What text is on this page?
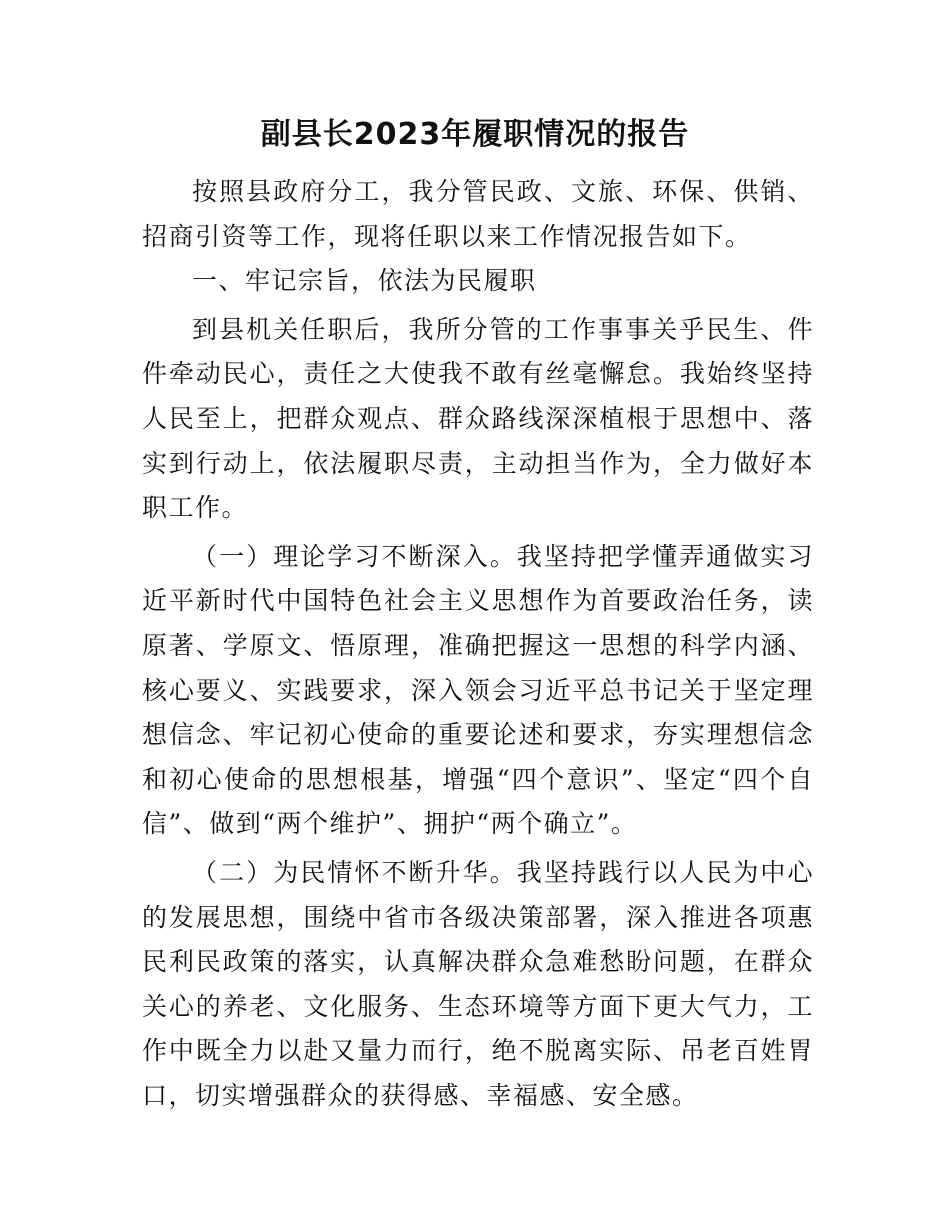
副县长2023年履职情况的报告

按照县政府分工，我分管民政、文旅、环保、供销、招商引资等工作，现将任职以来工作情况报告如下。

一、牢记宗旨，依法为民履职

到县机关任职后，我所分管的工作事事关乎民生、件件牵动民心，责任之大使我不敢有丝毫懈怠。我始终坚持人民至上，把群众观点、群众路线深深植根于思想中、落实到行动上，依法履职尽责，主动担当作为，全力做好本职工作。

（一）理论学习不断深入。我坚持把学懂弄通做实习近平新时代中国特色社会主义思想作为首要政治任务，读原著、学原文、悟原理，准确把握这一思想的科学内涵、核心要义、实践要求，深入领会习近平总书记关于坚定理想信念、牢记初心使命的重要论述和要求，夯实理想信念和初心使命的思想根基，增强“四个意识”、坚定“四个自信”、做到“两个维护”、拥护“两个确立”。

（二）为民情怀不断升华。我坚持践行以人民为中心的发展思想，围绕中省市各级决策部署，深入推进各项惠民利民政策的落实，认真解决群众急难愁盼问题，在群众关心的养老、文化服务、生态环境等方面下更大气力，工作中既全力以赴又量力而行，绝不脱离实际、吊老百姓胃口，切实增强群众的获得感、幸福感、安全感。
